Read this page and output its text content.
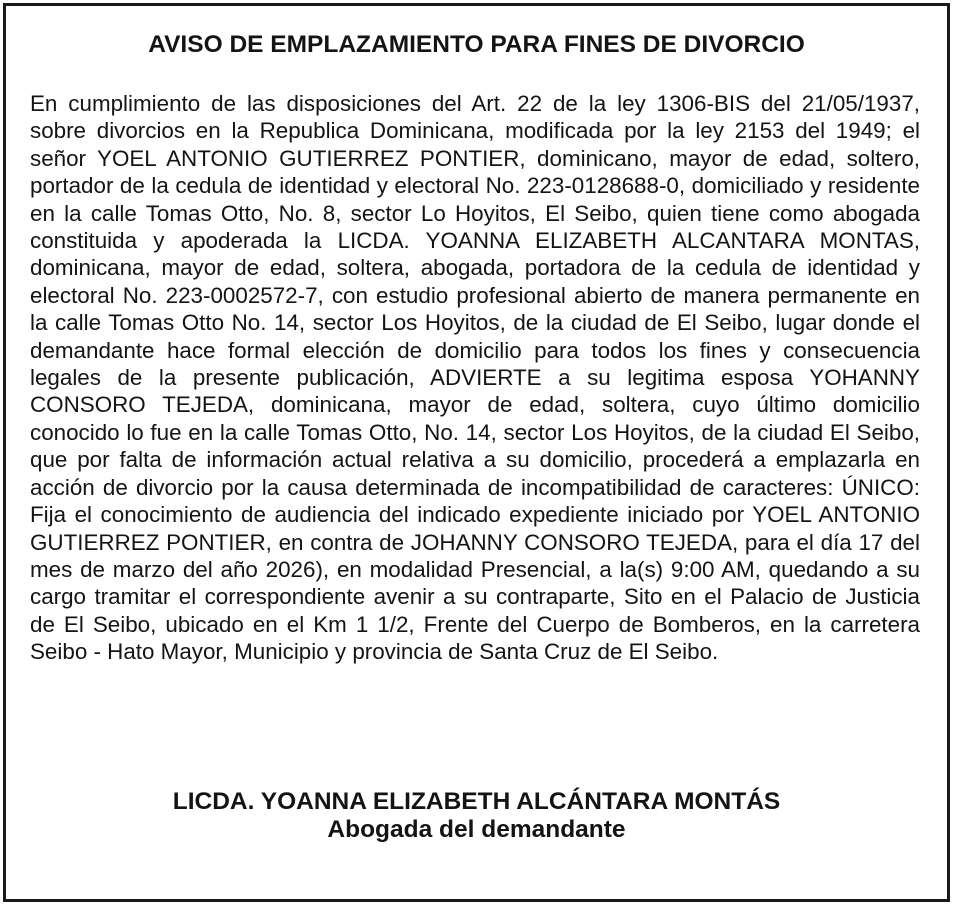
AVISO DE EMPLAZAMIENTO PARA FINES DE DIVORCIO

En cumplimiento de las disposiciones del Art. 22 de la ley 1306-BIS del 21/05/1937, sobre divorcios en la Republica Dominicana, modificada por la ley 2153 del 1949; el señor YOEL ANTONIO GUTIERREZ PONTIER, dominicano, mayor de edad, soltero, portador de la cedula de identidad y electoral No. 223-0128688-0, domiciliado y residente en la calle Tomas Otto, No. 8, sector Lo Hoyitos, El Seibo, quien tiene como abogada constituida y apoderada la LICDA. YOANNA ELIZABETH ALCANTARA MONTAS, dominicana, mayor de edad, soltera, abogada, portadora de la cedula de identidad y electoral No. 223-0002572-7, con estudio profesional abierto de manera permanente en la calle Tomas Otto No. 14, sector Los Hoyitos, de la ciudad de El Seibo, lugar donde el demandante hace formal elección de domicilio para todos los fines y consecuencia legales de la presente publicación, ADVIERTE a su legitima esposa YOHANNY CONSORO TEJEDA, dominicana, mayor de edad, soltera, cuyo último domicilio conocido lo fue en la calle Tomas Otto, No. 14, sector Los Hoyitos, de la ciudad El Seibo, que por falta de información actual relativa a su domicilio, procederá a emplazarla en acción de divorcio por la causa determinada de incompatibilidad de caracteres: ÚNICO: Fija el conocimiento de audiencia del indicado expediente iniciado por YOEL ANTONIO GUTIERREZ PONTIER, en contra de JOHANNY CONSORO TEJEDA, para el día 17 del mes de marzo del año 2026), en modalidad Presencial, a la(s) 9:00 AM, quedando a su cargo tramitar el correspondiente avenir a su contraparte, Sito en el Palacio de Justicia de El Seibo, ubicado en el Km 1 1/2, Frente del Cuerpo de Bomberos, en la carretera Seibo - Hato Mayor, Municipio y provincia de Santa Cruz de El Seibo.

LICDA. YOANNA ELIZABETH ALCÁNTARA MONTÁS
Abogada del demandante
